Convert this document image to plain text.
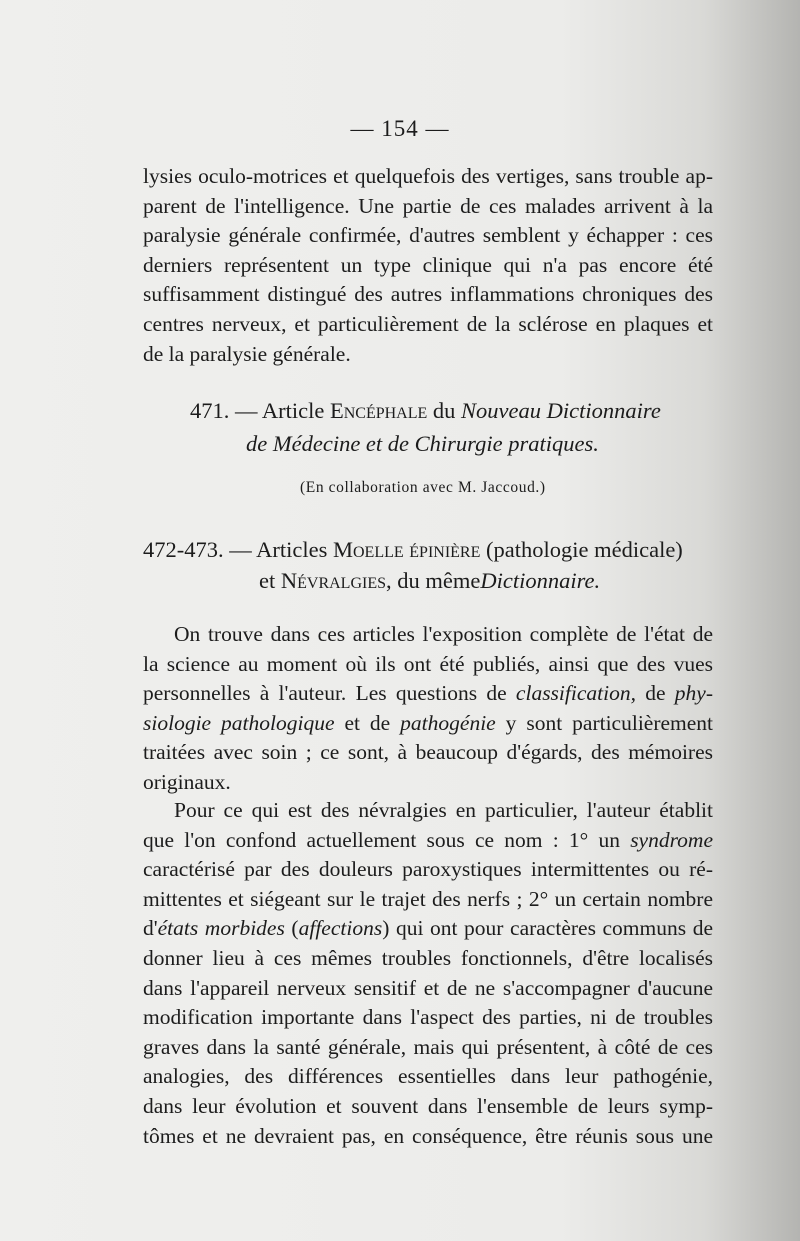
— 154 —
lysies oculo-motrices et quelquefois des vertiges, sans trouble ap-
parent de l'intelligence. Une partie de ces malades arrivent à la
paralysie générale confirmée, d'autres semblent y échapper : ces
derniers représentent un type clinique qui n'a pas encore été
suffisamment distingué des autres inflammations chroniques des
centres nerveux, et particulièrement de la sclérose en plaques et
de la paralysie générale.
471. — Article Encéphale du Nouveau Dictionnaire
de Médecine et de Chirurgie pratiques.
(En collaboration avec M. Jaccoud.)
472-473. — Articles Moelle épinière (pathologie médicale)
et Névralgies, du mêmeDictionnaire.
On trouve dans ces articles l'exposition complète de l'état de
la science au moment où ils ont été publiés, ainsi que des vues
personnelles à l'auteur. Les questions de classification, de phy-
siologie pathologique et de pathogénie y sont particulièrement
traitées avec soin ; ce sont, à beaucoup d'égards, des mémoires
originaux.
Pour ce qui est des névralgies en particulier, l'auteur établit
que l'on confond actuellement sous ce nom : 1° un syndrome
caractérisé par des douleurs paroxystiques intermittentes ou ré-
mittentes et siégeant sur le trajet des nerfs ; 2° un certain nombre
d'états morbides (affections) qui ont pour caractères communs de
donner lieu à ces mêmes troubles fonctionnels, d'être localisés
dans l'appareil nerveux sensitif et de ne s'accompagner d'aucune
modification importante dans l'aspect des parties, ni de troubles
graves dans la santé générale, mais qui présentent, à côté de ces
analogies, des différences essentielles dans leur pathogénie,
dans leur évolution et souvent dans l'ensemble de leurs symp-
tômes et ne devraient pas, en conséquence, être réunis sous une
